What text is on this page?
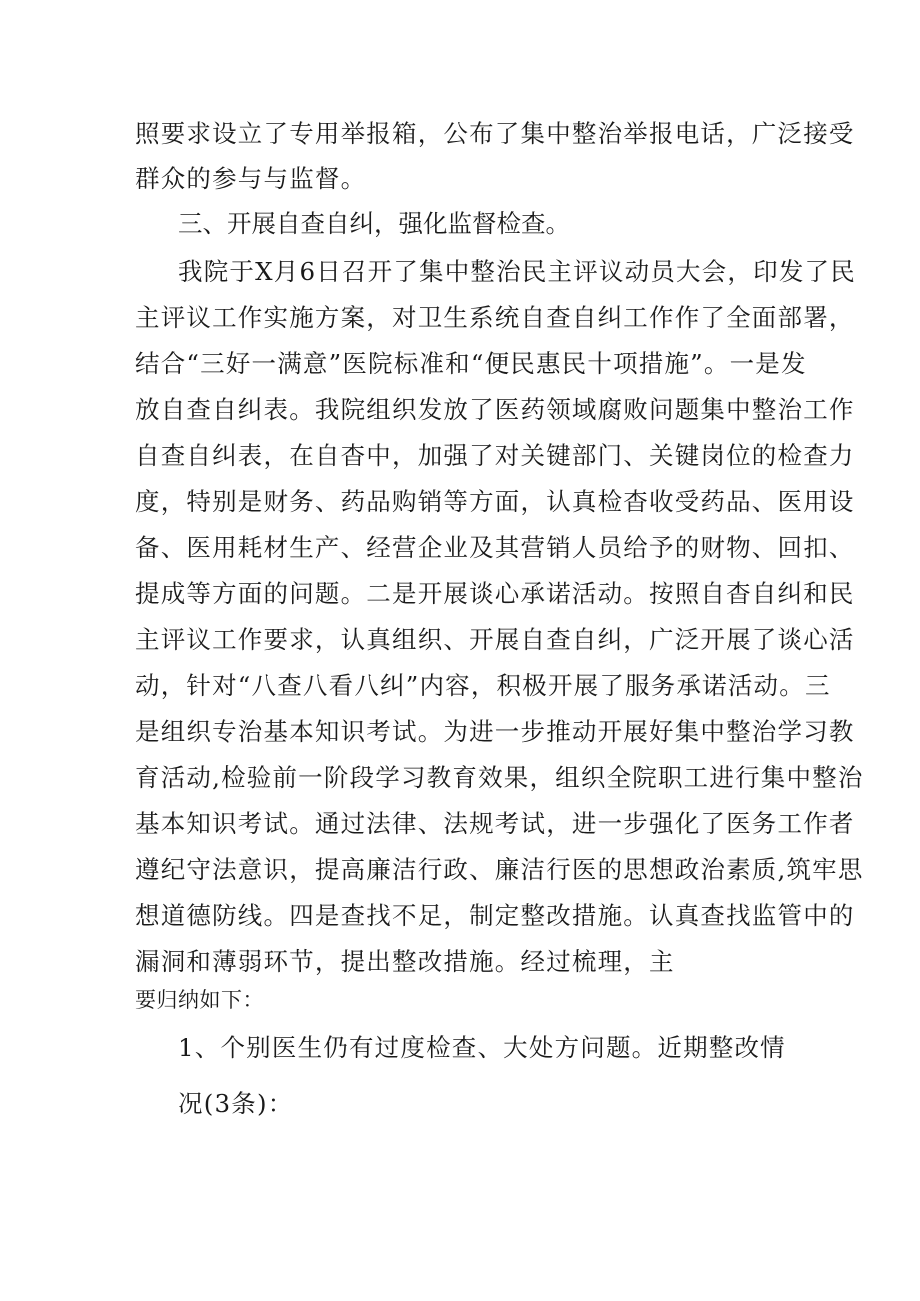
照要求设立了专用举报箱，公布了集中整治举报电话，广泛接受
群众的参与与监督。
三、开展自查自纠，强化监督检查。
我院于X月6日召开了集中整治民主评议动员大会，印发了民
主评议工作实施方案，对卫生系统自查自纠工作作了全面部署，
结合“三好一满意”医院标准和“便民惠民十项措施”。一是发
放自查自纠表。我院组织发放了医药领域腐败问题集中整治工作
自查自纠表，在自杳中，加强了对关键部门、关键岗位的检查力
度，特别是财务、药品购销等方面，认真检杳收受药品、医用设
备、医用耗材生产、经营企业及其营销人员给予的财物、回扣、
提成等方面的问题。二是开展谈心承诺活动。按照自杳自纠和民
主评议工作要求，认真组织、开展自查自纠，广泛开展了谈心活
动，针对“八查八看八纠”内容，积极开展了服务承诺活动。三
是组织专治基本知识考试。为进一步推动开展好集中整治学习教
育活动,检验前一阶段学习教育效果，组织全院职工进行集中整治
基本知识考试。通过法律、法规考试，进一步强化了医务工作者
遵纪守法意识，提高廉洁行政、廉洁行医的思想政治素质,筑牢思
想道德防线。四是查找不足，制定整改措施。认真查找监管中的
漏洞和薄弱环节，提出整改措施。经过梳理，主
要归纳如下：
1、个别医生仍有过度检查、大处方问题。近期整改情
况(3条)：
